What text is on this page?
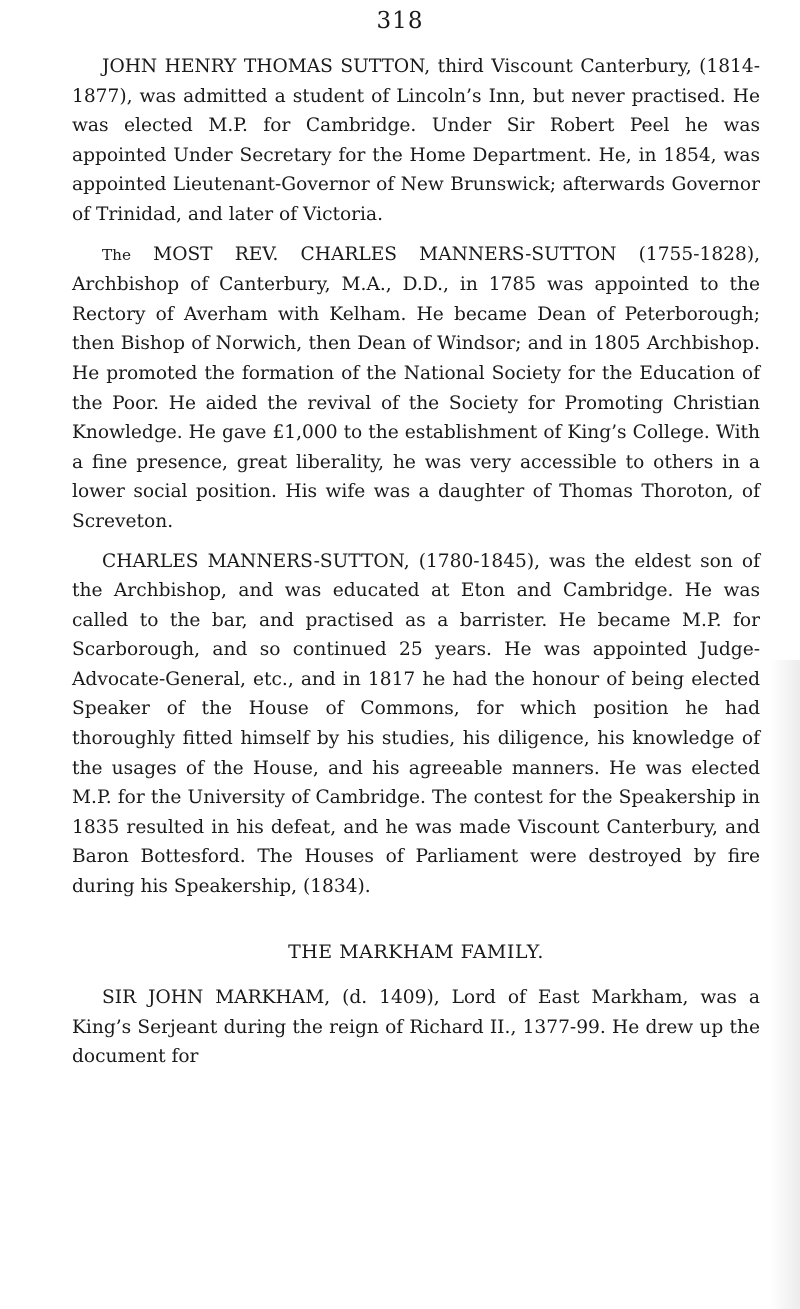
318

JOHN HENRY THOMAS SUTTON, third Viscount Canterbury, (1814-1877), was admitted a student of Lincoln’s Inn, but never practised. He was elected M.P. for Cambridge. Under Sir Robert Peel he was appointed Under Secretary for the Home Department. He, in 1854, was appointed Lieutenant-Governor of New Brunswick; afterwards Governor of Trinidad, and later of Victoria.

The MOST REV. CHARLES MANNERS-SUTTON (1755-1828), Archbishop of Canterbury, M.A., D.D., in 1785 was appointed to the Rectory of Averham with Kelham. He became Dean of Peterborough; then Bishop of Norwich, then Dean of Windsor; and in 1805 Archbishop. He promoted the formation of the National Society for the Education of the Poor. He aided the revival of the Society for Promoting Christian Knowledge. He gave £1,000 to the establishment of King’s College. With a fine presence, great liberality, he was very accessible to others in a lower social position. His wife was a daughter of Thomas Thoroton, of Screveton.

CHARLES MANNERS-SUTTON, (1780-1845), was the eldest son of the Archbishop, and was educated at Eton and Cambridge. He was called to the bar, and practised as a barrister. He became M.P. for Scarborough, and so continued 25 years. He was appointed Judge-Advocate-General, etc., and in 1817 he had the honour of being elected Speaker of the House of Commons, for which position he had thoroughly fitted himself by his studies, his diligence, his knowledge of the usages of the House, and his agreeable manners. He was elected M.P. for the University of Cambridge. The contest for the Speakership in 1835 resulted in his defeat, and he was made Viscount Canterbury, and Baron Bottesford. The Houses of Parliament were destroyed by fire during his Speakership, (1834).

THE MARKHAM FAMILY.

SIR JOHN MARKHAM, (d. 1409), Lord of East Markham, was a King’s Serjeant during the reign of Richard II., 1377-99. He drew up the document for
